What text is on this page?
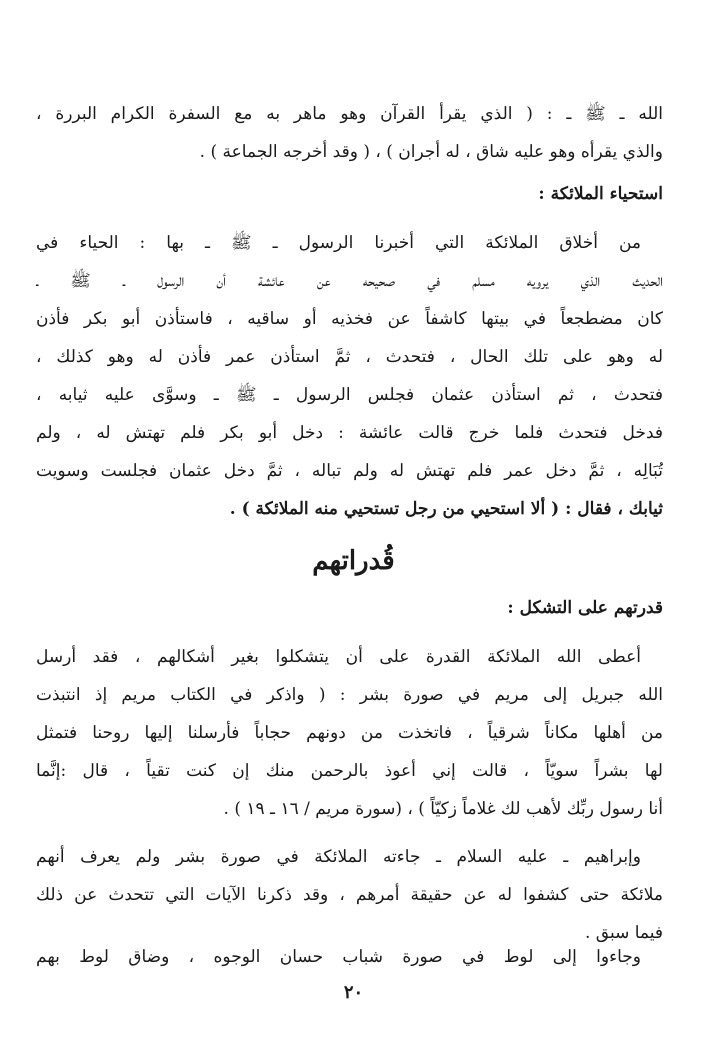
الله ـ ﷺ ـ : ( الذي يقرأ القرآن وهو ماهر به مع السفرة الكرام البررة ،
والذي يقرأه وهو عليه شاق ، له أجران ) ، ( وقد أخرجه الجماعة ) .
استحياء الملائكة :
من أخلاق الملائكة التي أخبرنا الرسول ـ ﷺ ـ بها : الحياء في
الحديث الذي يرويه مسلم في صحيحه عن عائشة أن الرسول ـ ﷺ ـ
كان مضطجعاً في بيتها كاشفاً عن فخذيه أو ساقيه ، فاستأذن أبو بكر فأذن
له وهو على تلك الحال ، فتحدث ، ثمَّ استأذن عمر فأذن له وهو كذلك ،
فتحدث ، ثم استأذن عثمان فجلس الرسول ـ ﷺ ـ وسوَّى عليه ثيابه ،
فدخل فتحدث فلما خرج قالت عائشة : دخل أبو بكر فلم تهتش له ، ولم
تُبَالِه ، ثمَّ دخل عمر فلم تهتش له ولم تباله ، ثمَّ دخل عثمان فجلست وسويت
ثيابك ، فقال : ( ألا استحيي من رجل تستحيي منه الملائكة ) .
قُدراتهم
قدرتهم على التشكل :
أعطى الله الملائكة القدرة على أن يتشكلوا بغير أشكالهم ، فقد أرسل
الله جبريل إلى مريم في صورة بشر : ( واذكر في الكتاب مريم إذ انتبذت
من أهلها مكاناً شرقياً ، فاتخذت من دونهم حجاباً فأرسلنا إليها روحنا فتمثل
لها بشراً سويّاً ، قالت إني أعوذ بالرحمن منك إن كنت تقياً ، قال :إنَّما
أنا رسول ربِّك لأهب لك غلاماً زكيّاً ) ، (سورة مريم / ١٦ ـ ١٩ ) .
وإبراهيم ـ عليه السلام ـ جاءته الملائكة في صورة بشر ولم يعرف أنهم
ملائكة حتى كشفوا له عن حقيقة أمرهم ، وقد ذكرنا الآيات التي تتحدث عن ذلك
فيما سبق .
وجاءوا إلى لوط في صورة شباب حسان الوجوه ، وضاق لوط بهم
٢٠
